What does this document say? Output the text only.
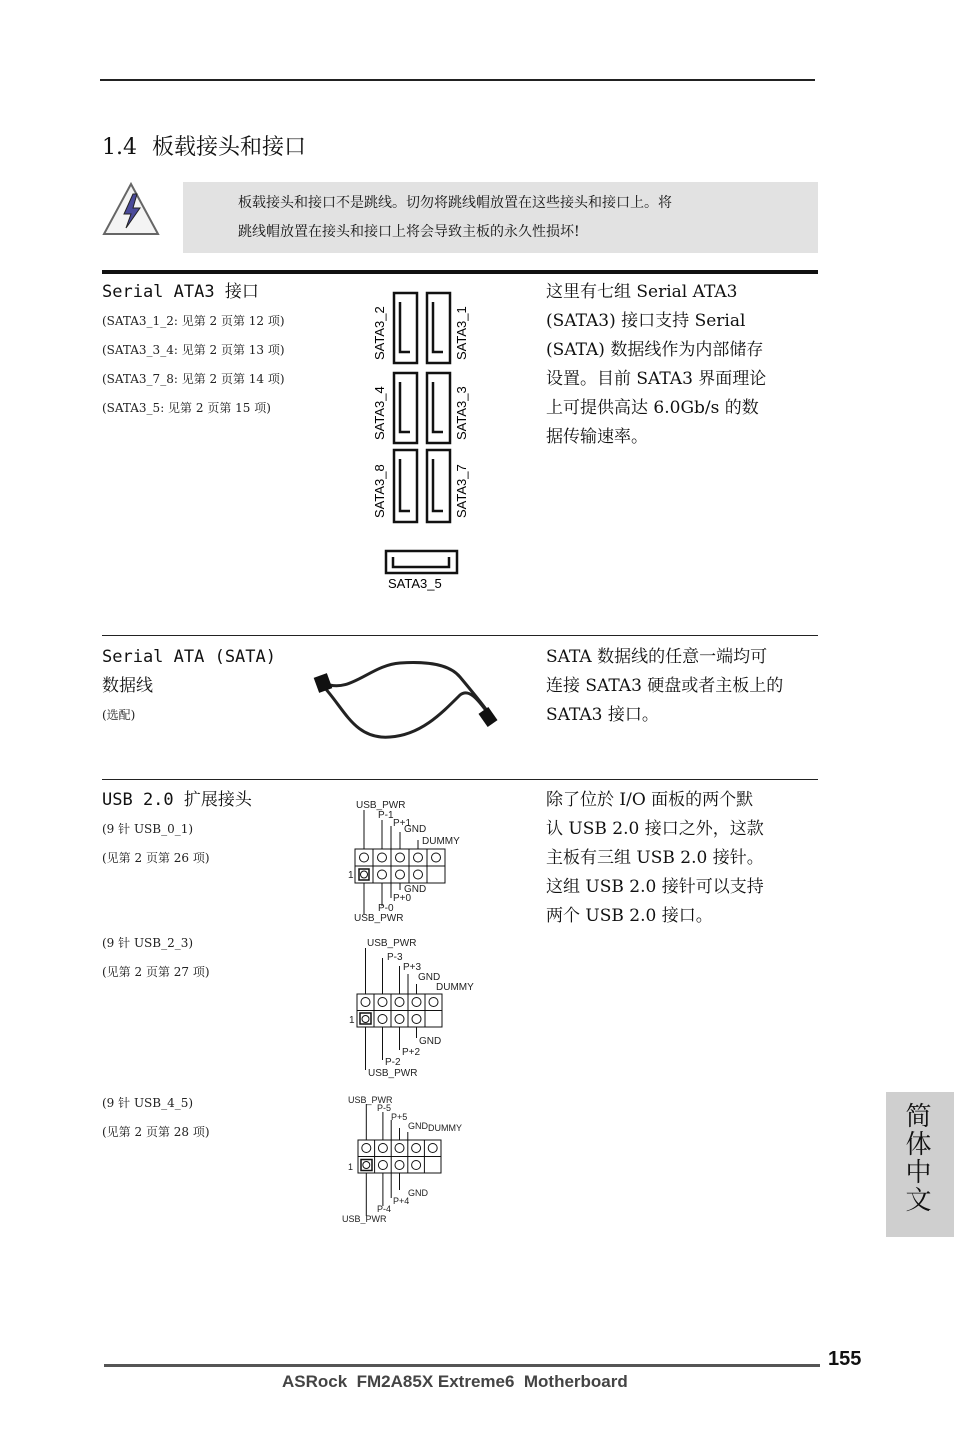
1.4 板载接头和接口
板载接头和接口不是跳线。切勿将跳线帽放置在这些接头和接口上。将
跳线帽放置在接头和接口上将会导致主板的永久性损坏!
Serial ATA3 接口
(SATA3_1_2: 见第 2 页第 12 项)
(SATA3_3_4: 见第 2 页第 13 项)
(SATA3_7_8: 见第 2 页第 14 项)
(SATA3_5: 见第 2 页第 15 项)
SATA3_2	SATA3_1
SATA3_4	SATA3_3
SATA3_8	SATA3_7
SATA3_5
这里有七组 Serial ATA3
(SATA3) 接口支持 Serial
(SATA) 数据线作为内部储存
设置。目前 SATA3 界面理论
上可提供高达 6.0Gb/s 的数
据传输速率。
Serial ATA (SATA)
数据线
(选配)
SATA 数据线的任意一端均可
连接 SATA3 硬盘或者主板上的
SATA3 接口。
USB 2.0 扩展接头	除了位於 I/O 面板的两个默
认 USB 2.0 接口之外，这款
主板有三组 USB 2.0 接针。
这组 USB 2.0 接针可以支持
两个 USB 2.0 接口。
(9 针 USB_0_1)
(见第 2 页第 26 项)
USB_PWR
P-1
P+1
GND
DUMMY
1
GND
P+0
P-0
USB_PWR
(9 针 USB_2_3)
(见第 2 页第 27 项)
USB_PWR
P-3
P+3
GND
DUMMY
1
GND
P+2
P-2
USB_PWR
(9 针 USB_4_5)
(见第 2 页第 28 项)
USB_PWR
P-5
P+5
GND DUMMY
1
GND
P+4
P-4
USB_PWR
简体中文
155
ASRock  FM2A85X Extreme6  Motherboard
